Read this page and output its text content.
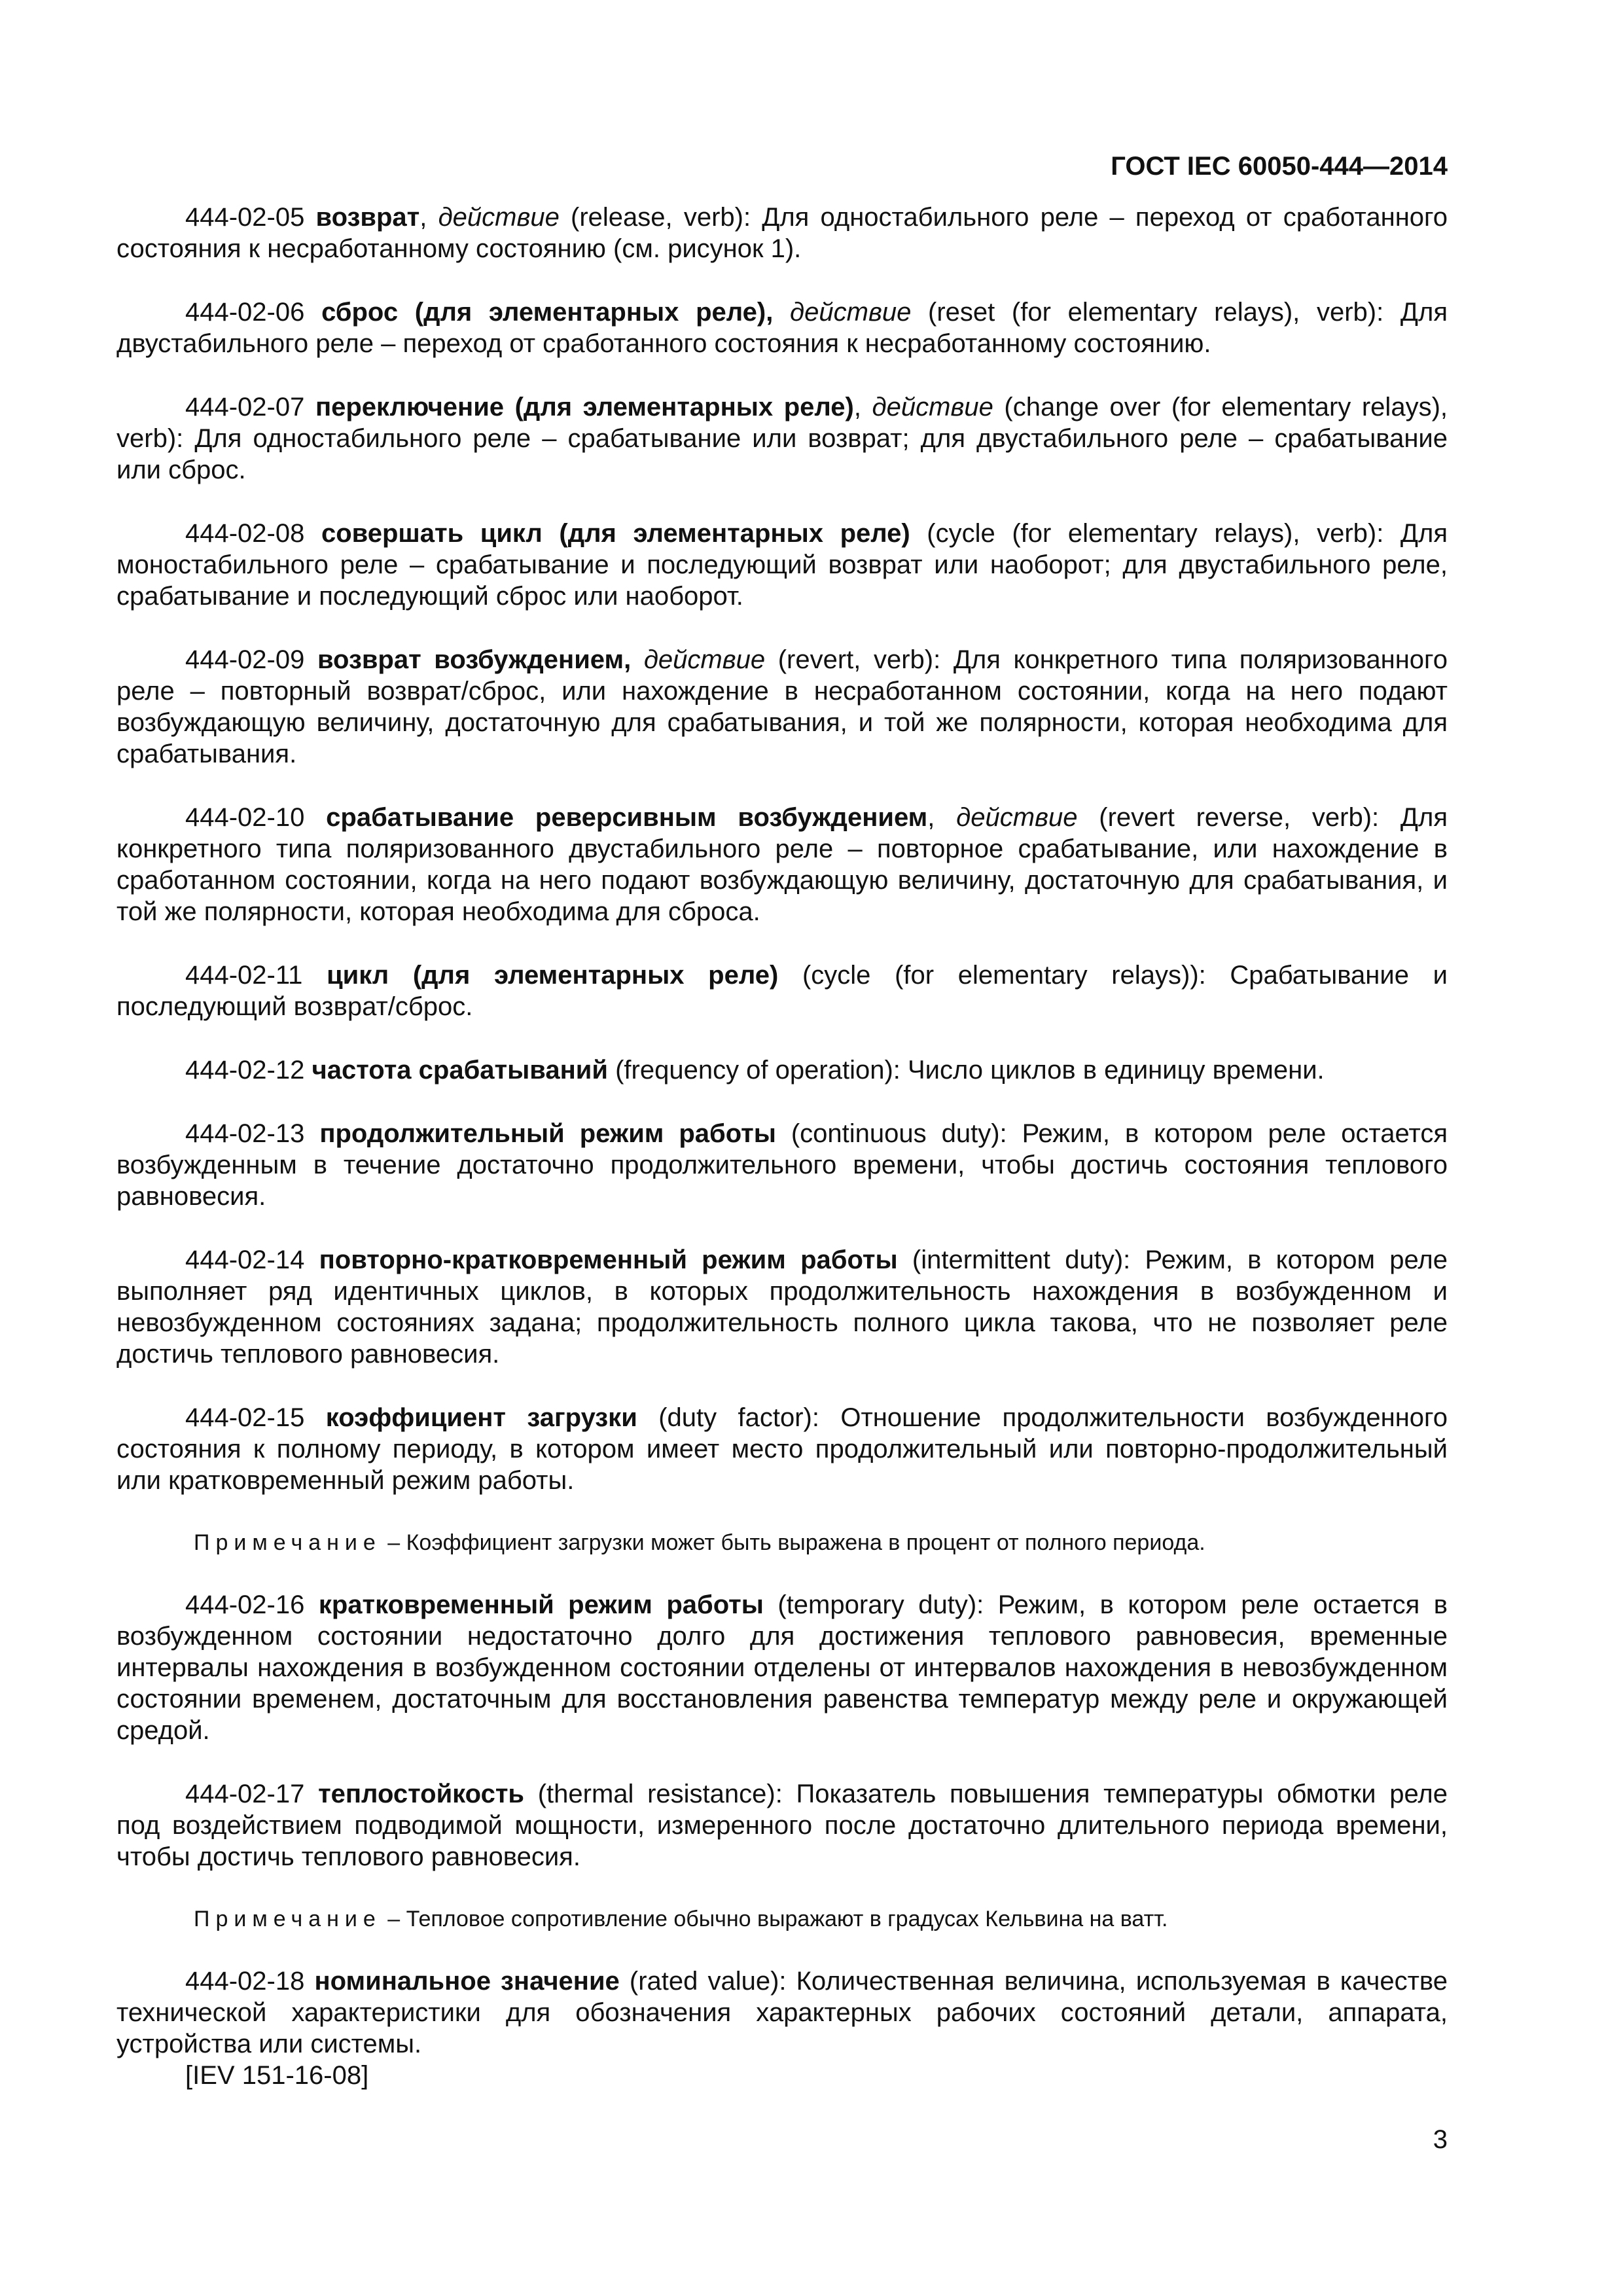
ГОСТ IEC 60050-444—2014

444-02-05 возврат, действие (release, verb): Для одностабильного реле – переход от сработанного состояния к несработанному состоянию (см. рисунок 1).

444-02-06 сброс (для элементарных реле), действие (reset (for elementary relays), verb): Для двустабильного реле – переход от сработанного состояния к несработанному состоянию.

444-02-07 переключение (для элементарных реле), действие (change over (for elementary relays), verb): Для одностабильного реле – срабатывание или возврат; для двустабильного реле – срабатывание или сброс.

444-02-08 совершать цикл (для элементарных реле) (cycle (for elementary relays), verb): Для моностабильного реле – срабатывание и последующий возврат или наоборот; для двустабильного реле, срабатывание и последующий сброс или наоборот.

444-02-09 возврат возбуждением, действие (revert, verb): Для конкретного типа поляризованного реле – повторный возврат/сброс, или нахождение в несработанном состоянии, когда на него подают возбуждающую величину, достаточную для срабатывания, и той же полярности, которая необходима для срабатывания.

444-02-10 срабатывание реверсивным возбуждением, действие (revert reverse, verb): Для конкретного типа поляризованного двустабильного реле – повторное срабатывание, или нахождение в сработанном состоянии, когда на него подают возбуждающую величину, достаточную для срабатывания, и той же полярности, которая необходима для сброса.

444-02-11 цикл (для элементарных реле) (cycle (for elementary relays)): Срабатывание и последующий возврат/сброс.

444-02-12 частота срабатываний (frequency of operation): Число циклов в единицу времени.

444-02-13 продолжительный режим работы (continuous duty): Режим, в котором реле остается возбужденным в течение достаточно продолжительного времени, чтобы достичь состояния теплового равновесия.

444-02-14 повторно-кратковременный режим работы (intermittent duty): Режим, в котором реле выполняет ряд идентичных циклов, в которых продолжительность нахождения в возбужденном и невозбужденном состояниях задана; продолжительность полного цикла такова, что не позволяет реле достичь теплового равновесия.

444-02-15 коэффициент загрузки (duty factor): Отношение продолжительности возбужденного состояния к полному периоду, в котором имеет место продолжительный или повторно-продолжительный или кратковременный режим работы.

Примечание – Коэффициент загрузки может быть выражена в процент от полного периода.

444-02-16 кратковременный режим работы (temporary duty): Режим, в котором реле остается в возбужденном состоянии недостаточно долго для достижения теплового равновесия, временные интервалы нахождения в возбужденном состоянии отделены от интервалов нахождения в невозбужденном состоянии временем, достаточным для восстановления равенства температур между реле и окружающей средой.

444-02-17 теплостойкость (thermal resistance): Показатель повышения температуры обмотки реле под воздействием подводимой мощности, измеренного после достаточно длительного периода времени, чтобы достичь теплового равновесия.

Примечание – Тепловое сопротивление обычно выражают в градусах Кельвина на ватт.

444-02-18 номинальное значение (rated value): Количественная величина, используемая в качестве технической характеристики для обозначения характерных рабочих состояний детали, аппарата, устройства или системы.

[IEV 151-16-08]
3
